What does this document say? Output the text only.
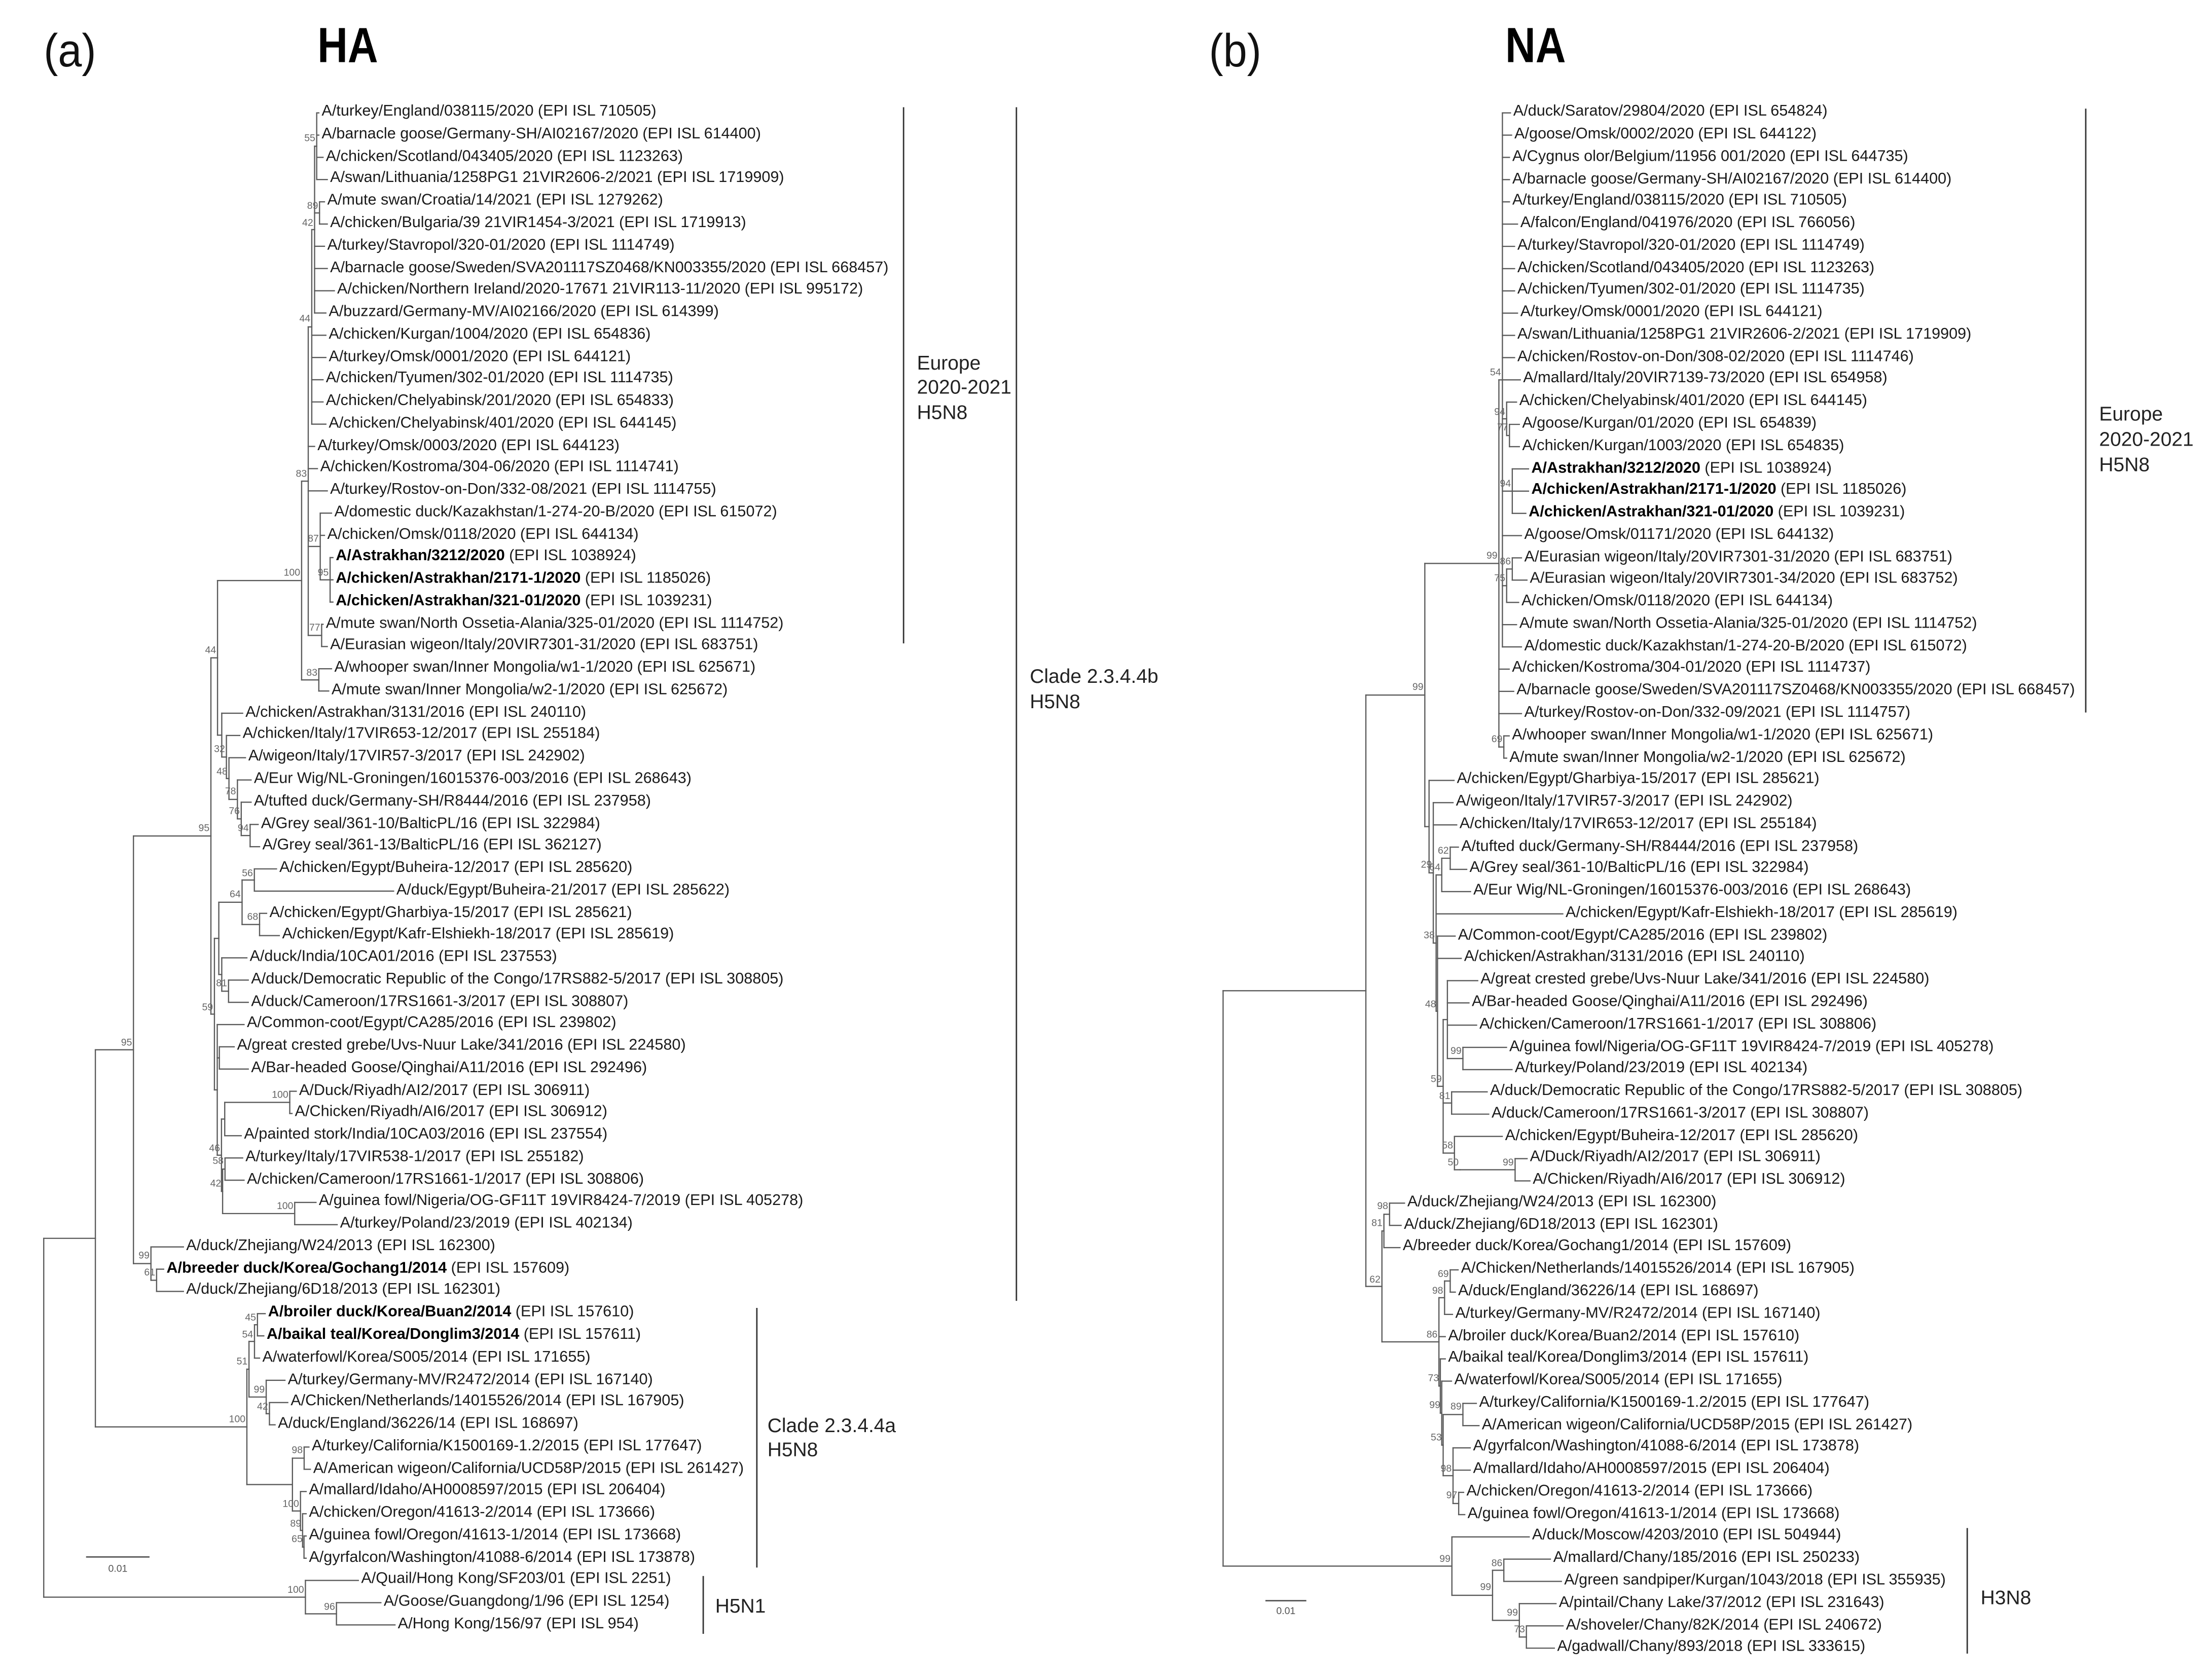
(a)	HA
55
89
42
44
95
87
77
83
83
100
94
76
78
48
32
44
56
68
64
81
100
58
100
42
46
59
95
61
99
95
45
54
42
99
51
98
65
89
100
100
96
100
A/turkey/England/038115/2020 (EPI ISL 710505)
A/barnacle goose/Germany-SH/AI02167/2020 (EPI ISL 614400)
A/chicken/Scotland/043405/2020 (EPI ISL 1123263)
A/swan/Lithuania/1258PG1 21VIR2606-2/2021 (EPI ISL 1719909)
A/mute swan/Croatia/14/2021 (EPI ISL 1279262)
A/chicken/Bulgaria/39 21VIR1454-3/2021 (EPI ISL 1719913)
A/turkey/Stavropol/320-01/2020 (EPI ISL 1114749)
A/barnacle goose/Sweden/SVA201117SZ0468/KN003355/2020 (EPI ISL 668457)
A/chicken/Northern Ireland/2020-17671 21VIR113-11/2020 (EPI ISL 995172)
A/buzzard/Germany-MV/AI02166/2020 (EPI ISL 614399)
A/chicken/Kurgan/1004/2020 (EPI ISL 654836)
A/turkey/Omsk/0001/2020 (EPI ISL 644121)
A/chicken/Tyumen/302-01/2020 (EPI ISL 1114735)
A/chicken/Chelyabinsk/201/2020 (EPI ISL 654833)
A/chicken/Chelyabinsk/401/2020 (EPI ISL 644145)
A/turkey/Omsk/0003/2020 (EPI ISL 644123)
A/chicken/Kostroma/304-06/2020 (EPI ISL 1114741)
A/turkey/Rostov-on-Don/332-08/2021 (EPI ISL 1114755)
A/domestic duck/Kazakhstan/1-274-20-B/2020 (EPI ISL 615072)
A/chicken/Omsk/0118/2020 (EPI ISL 644134)
A/Astrakhan/3212/2020 (EPI ISL 1038924)
A/chicken/Astrakhan/2171-1/2020 (EPI ISL 1185026)
A/chicken/Astrakhan/321-01/2020 (EPI ISL 1039231)
A/mute swan/North Ossetia-Alania/325-01/2020 (EPI ISL 1114752)
A/Eurasian wigeon/Italy/20VIR7301-31/2020 (EPI ISL 683751)
A/whooper swan/Inner Mongolia/w1-1/2020 (EPI ISL 625671)
A/mute swan/Inner Mongolia/w2-1/2020 (EPI ISL 625672)
A/chicken/Astrakhan/3131/2016 (EPI ISL 240110)
A/chicken/Italy/17VIR653-12/2017 (EPI ISL 255184)
A/wigeon/Italy/17VIR57-3/2017 (EPI ISL 242902)
A/Eur Wig/NL-Groningen/16015376-003/2016 (EPI ISL 268643)
A/tufted duck/Germany-SH/R8444/2016 (EPI ISL 237958)
A/Grey seal/361-10/BalticPL/16 (EPI ISL 322984)
A/Grey seal/361-13/BalticPL/16 (EPI ISL 362127)
A/chicken/Egypt/Buheira-12/2017 (EPI ISL 285620)
A/duck/Egypt/Buheira-21/2017 (EPI ISL 285622)
A/chicken/Egypt/Gharbiya-15/2017 (EPI ISL 285621)
A/chicken/Egypt/Kafr-Elshiekh-18/2017 (EPI ISL 285619)
A/duck/India/10CA01/2016 (EPI ISL 237553)
A/duck/Democratic Republic of the Congo/17RS882-5/2017 (EPI ISL 308805)
A/duck/Cameroon/17RS1661-3/2017 (EPI ISL 308807)
A/Common-coot/Egypt/CA285/2016 (EPI ISL 239802)
A/great crested grebe/Uvs-Nuur Lake/341/2016 (EPI ISL 224580)
A/Bar-headed Goose/Qinghai/A11/2016 (EPI ISL 292496)
A/Duck/Riyadh/AI2/2017 (EPI ISL 306911)
A/Chicken/Riyadh/AI6/2017 (EPI ISL 306912)
A/painted stork/India/10CA03/2016 (EPI ISL 237554)
A/turkey/Italy/17VIR538-1/2017 (EPI ISL 255182)
A/chicken/Cameroon/17RS1661-1/2017 (EPI ISL 308806)
A/guinea fowl/Nigeria/OG-GF11T 19VIR8424-7/2019 (EPI ISL 405278)
A/turkey/Poland/23/2019 (EPI ISL 402134)
A/duck/Zhejiang/W24/2013 (EPI ISL 162300)
A/breeder duck/Korea/Gochang1/2014 (EPI ISL 157609)
A/duck/Zhejiang/6D18/2013 (EPI ISL 162301)
A/broiler duck/Korea/Buan2/2014 (EPI ISL 157610)
A/baikal teal/Korea/Donglim3/2014 (EPI ISL 157611)
A/waterfowl/Korea/S005/2014 (EPI ISL 171655)
A/turkey/Germany-MV/R2472/2014 (EPI ISL 167140)
A/Chicken/Netherlands/14015526/2014 (EPI ISL 167905)
A/duck/England/36226/14 (EPI ISL 168697)
A/turkey/California/K1500169-1.2/2015 (EPI ISL 177647)
A/American wigeon/California/UCD58P/2015 (EPI ISL 261427)
A/mallard/Idaho/AH0008597/2015 (EPI ISL 206404)
A/chicken/Oregon/41613-2/2014 (EPI ISL 173666)
A/guinea fowl/Oregon/41613-1/2014 (EPI ISL 173668)
A/gyrfalcon/Washington/41088-6/2014 (EPI ISL 173878)
A/Quail/Hong Kong/SF203/01 (EPI ISL 2251)
A/Goose/Guangdong/1/96 (EPI ISL 1254)
A/Hong Kong/156/97 (EPI ISL 954)
Europe
2020-2021
H5N8
Clade 2.3.4.4b
H5N8
Clade 2.3.4.4a
H5N8
H5N1
0.01
(b)	NA
77
94
94
86
75
54
69
99
62
64
99
81
99
50
58
59
48
38
29
99
98
81
69
98
89
97
98
53
99
73
86
62
86
73
99
99
99
A/duck/Saratov/29804/2020 (EPI ISL 654824)
A/goose/Omsk/0002/2020 (EPI ISL 644122)
A/Cygnus olor/Belgium/11956 001/2020 (EPI ISL 644735)
A/barnacle goose/Germany-SH/AI02167/2020 (EPI ISL 614400)
A/turkey/England/038115/2020 (EPI ISL 710505)
A/falcon/England/041976/2020 (EPI ISL 766056)
A/turkey/Stavropol/320-01/2020 (EPI ISL 1114749)
A/chicken/Scotland/043405/2020 (EPI ISL 1123263)
A/chicken/Tyumen/302-01/2020 (EPI ISL 1114735)
A/turkey/Omsk/0001/2020 (EPI ISL 644121)
A/swan/Lithuania/1258PG1 21VIR2606-2/2021 (EPI ISL 1719909)
A/chicken/Rostov-on-Don/308-02/2020 (EPI ISL 1114746)
A/mallard/Italy/20VIR7139-73/2020 (EPI ISL 654958)
A/chicken/Chelyabinsk/401/2020 (EPI ISL 644145)
A/goose/Kurgan/01/2020 (EPI ISL 654839)
A/chicken/Kurgan/1003/2020 (EPI ISL 654835)
A/Astrakhan/3212/2020 (EPI ISL 1038924)
A/chicken/Astrakhan/2171-1/2020 (EPI ISL 1185026)
A/chicken/Astrakhan/321-01/2020 (EPI ISL 1039231)
A/goose/Omsk/01171/2020 (EPI ISL 644132)
A/Eurasian wigeon/Italy/20VIR7301-31/2020 (EPI ISL 683751)
A/Eurasian wigeon/Italy/20VIR7301-34/2020 (EPI ISL 683752)
A/chicken/Omsk/0118/2020 (EPI ISL 644134)
A/mute swan/North Ossetia-Alania/325-01/2020 (EPI ISL 1114752)
A/domestic duck/Kazakhstan/1-274-20-B/2020 (EPI ISL 615072)
A/chicken/Kostroma/304-01/2020 (EPI ISL 1114737)
A/barnacle goose/Sweden/SVA201117SZ0468/KN003355/2020 (EPI ISL 668457)
A/turkey/Rostov-on-Don/332-09/2021 (EPI ISL 1114757)
A/whooper swan/Inner Mongolia/w1-1/2020 (EPI ISL 625671)
A/mute swan/Inner Mongolia/w2-1/2020 (EPI ISL 625672)
A/chicken/Egypt/Gharbiya-15/2017 (EPI ISL 285621)
A/wigeon/Italy/17VIR57-3/2017 (EPI ISL 242902)
A/chicken/Italy/17VIR653-12/2017 (EPI ISL 255184)
A/tufted duck/Germany-SH/R8444/2016 (EPI ISL 237958)
A/Grey seal/361-10/BalticPL/16 (EPI ISL 322984)
A/Eur Wig/NL-Groningen/16015376-003/2016 (EPI ISL 268643)
A/chicken/Egypt/Kafr-Elshiekh-18/2017 (EPI ISL 285619)
A/Common-coot/Egypt/CA285/2016 (EPI ISL 239802)
A/chicken/Astrakhan/3131/2016 (EPI ISL 240110)
A/great crested grebe/Uvs-Nuur Lake/341/2016 (EPI ISL 224580)
A/Bar-headed Goose/Qinghai/A11/2016 (EPI ISL 292496)
A/chicken/Cameroon/17RS1661-1/2017 (EPI ISL 308806)
A/guinea fowl/Nigeria/OG-GF11T 19VIR8424-7/2019 (EPI ISL 405278)
A/turkey/Poland/23/2019 (EPI ISL 402134)
A/duck/Democratic Republic of the Congo/17RS882-5/2017 (EPI ISL 308805)
A/duck/Cameroon/17RS1661-3/2017 (EPI ISL 308807)
A/chicken/Egypt/Buheira-12/2017 (EPI ISL 285620)
A/Duck/Riyadh/AI2/2017 (EPI ISL 306911)
A/Chicken/Riyadh/AI6/2017 (EPI ISL 306912)
A/duck/Zhejiang/W24/2013 (EPI ISL 162300)
A/duck/Zhejiang/6D18/2013 (EPI ISL 162301)
A/breeder duck/Korea/Gochang1/2014 (EPI ISL 157609)
A/Chicken/Netherlands/14015526/2014 (EPI ISL 167905)
A/duck/England/36226/14 (EPI ISL 168697)
A/turkey/Germany-MV/R2472/2014 (EPI ISL 167140)
A/broiler duck/Korea/Buan2/2014 (EPI ISL 157610)
A/baikal teal/Korea/Donglim3/2014 (EPI ISL 157611)
A/waterfowl/Korea/S005/2014 (EPI ISL 171655)
A/turkey/California/K1500169-1.2/2015 (EPI ISL 177647)
A/American wigeon/California/UCD58P/2015 (EPI ISL 261427)
A/gyrfalcon/Washington/41088-6/2014 (EPI ISL 173878)
A/mallard/Idaho/AH0008597/2015 (EPI ISL 206404)
A/chicken/Oregon/41613-2/2014 (EPI ISL 173666)
A/guinea fowl/Oregon/41613-1/2014 (EPI ISL 173668)
A/duck/Moscow/4203/2010 (EPI ISL 504944)
A/mallard/Chany/185/2016 (EPI ISL 250233)
A/green sandpiper/Kurgan/1043/2018 (EPI ISL 355935)
A/pintail/Chany Lake/37/2012 (EPI ISL 231643)
A/shoveler/Chany/82K/2014 (EPI ISL 240672)
A/gadwall/Chany/893/2018 (EPI ISL 333615)
Europe
2020-2021
H5N8
H3N8
0.01
